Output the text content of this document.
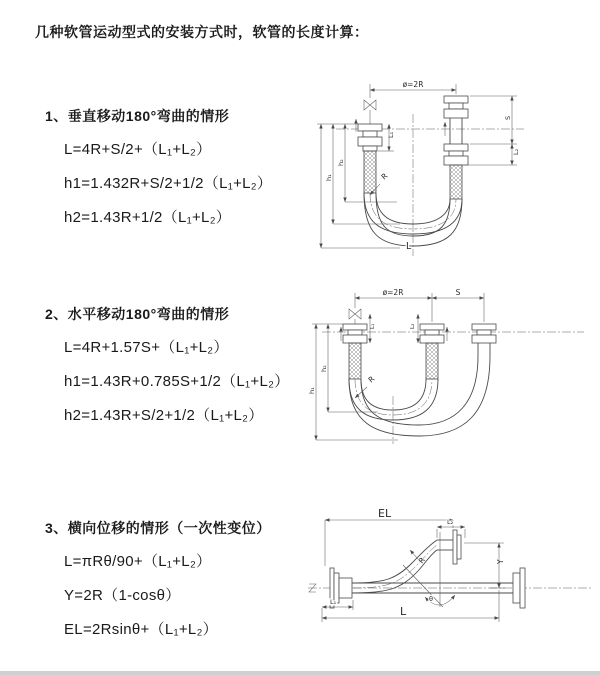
几种软管运动型式的安装方式时，软管的长度计算：
1、垂直移动180°弯曲的情形
L=4R+S/2+（L₁+L₂）
h1=1.432R+S/2+1/2（L₁+L₂）
h2=1.43R+1/2（L₁+L₂）
2、水平移动180°弯曲的情形
L=4R+1.57S+（L₁+L₂）
h1=1.43R+0.785S+1/2（L₁+L₂）
h2=1.43R+S/2+1/2（L₁+L₂）
3、横向位移的情形（一次性变位）
L=πRθ/90+（L₁+L₂）
Y=2R（1-cosθ）
EL=2Rsinθ+（L₁+L₂）
ø=2R
R
h₂
h₁
L₁
S
L₂
L
ø=2R	S
L₁	L₂
R
h₂
h₁
EL
L₂
Y
R
θ
L₁
L
